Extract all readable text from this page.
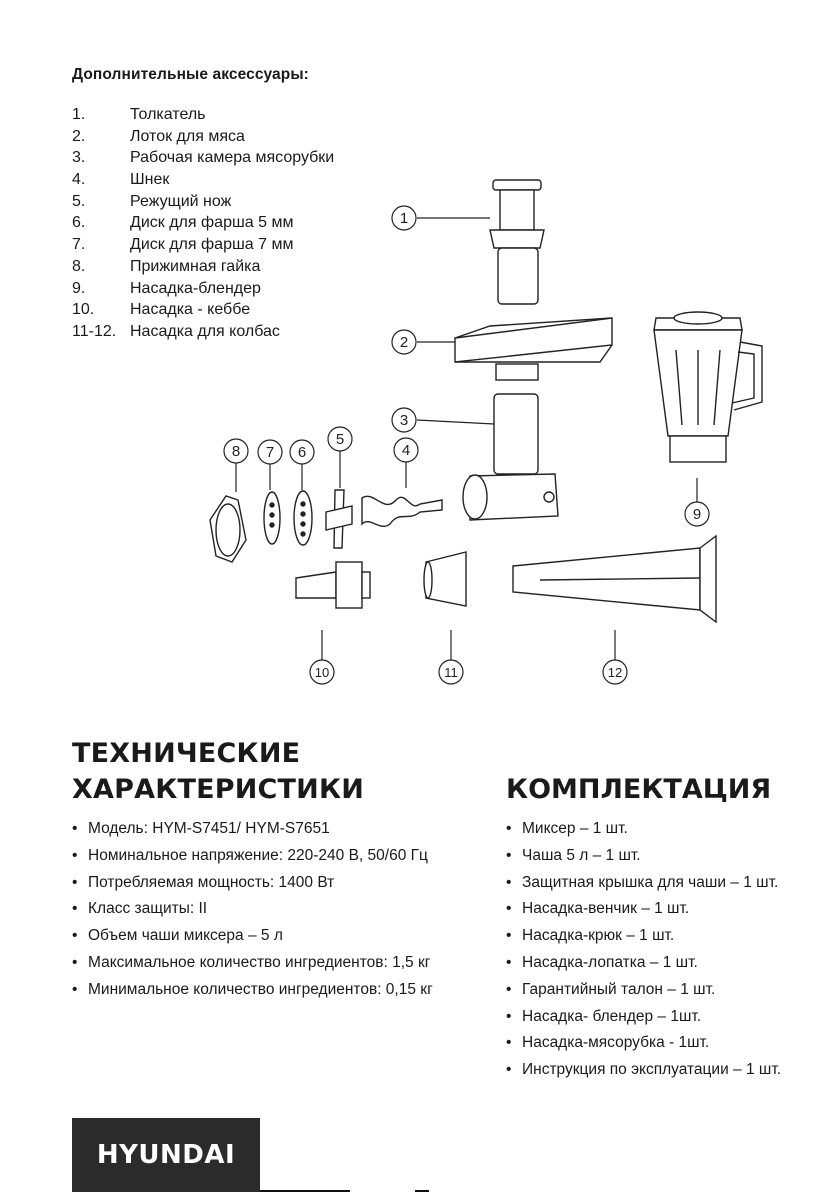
Дополнительные аксессуары:
1.	Толкатель
2.	Лоток для мяса
3.	Рабочая камера мясорубки
4.	Шнек
5.	Режущий нож
6.	Диск для фарша 5 мм
7.	Диск для фарша 7 мм
8.	Прижимная гайка
9.	Насадка-блендер
10. Насадка - кеббе
11-12. Насадка для колбас
1
2
3
4
5
6
7
8
9
10	11	12
ТЕХНИЧЕСКИЕ
ХАРАКТЕРИСТИКИ	КОМПЛЕКТАЦИЯ
• Модель: HYM-S7451/ HYM-S7651
• Номинальное напряжение: 220-240 В, 50/60 Гц
• Потребляемая мощность: 1400 Вт
• Класс защиты: II
• Объем чаши миксера – 5 л
• Максимальное количество ингредиентов: 1,5 кг
• Минимальное количество ингредиентов: 0,15 кг
• Миксер – 1 шт.
• Чаша 5 л – 1 шт.
• Защитная крышка для чаши – 1 шт.
• Насадка-венчик – 1 шт.
• Насадка-крюк – 1 шт.
• Насадка-лопатка – 1 шт.
• Гарантийный талон – 1 шт.
• Насадка- блендер – 1шт.
• Насадка-мясорубка - 1шт.
• Инструкция по эксплуатации – 1 шт.
HYUNDAI
